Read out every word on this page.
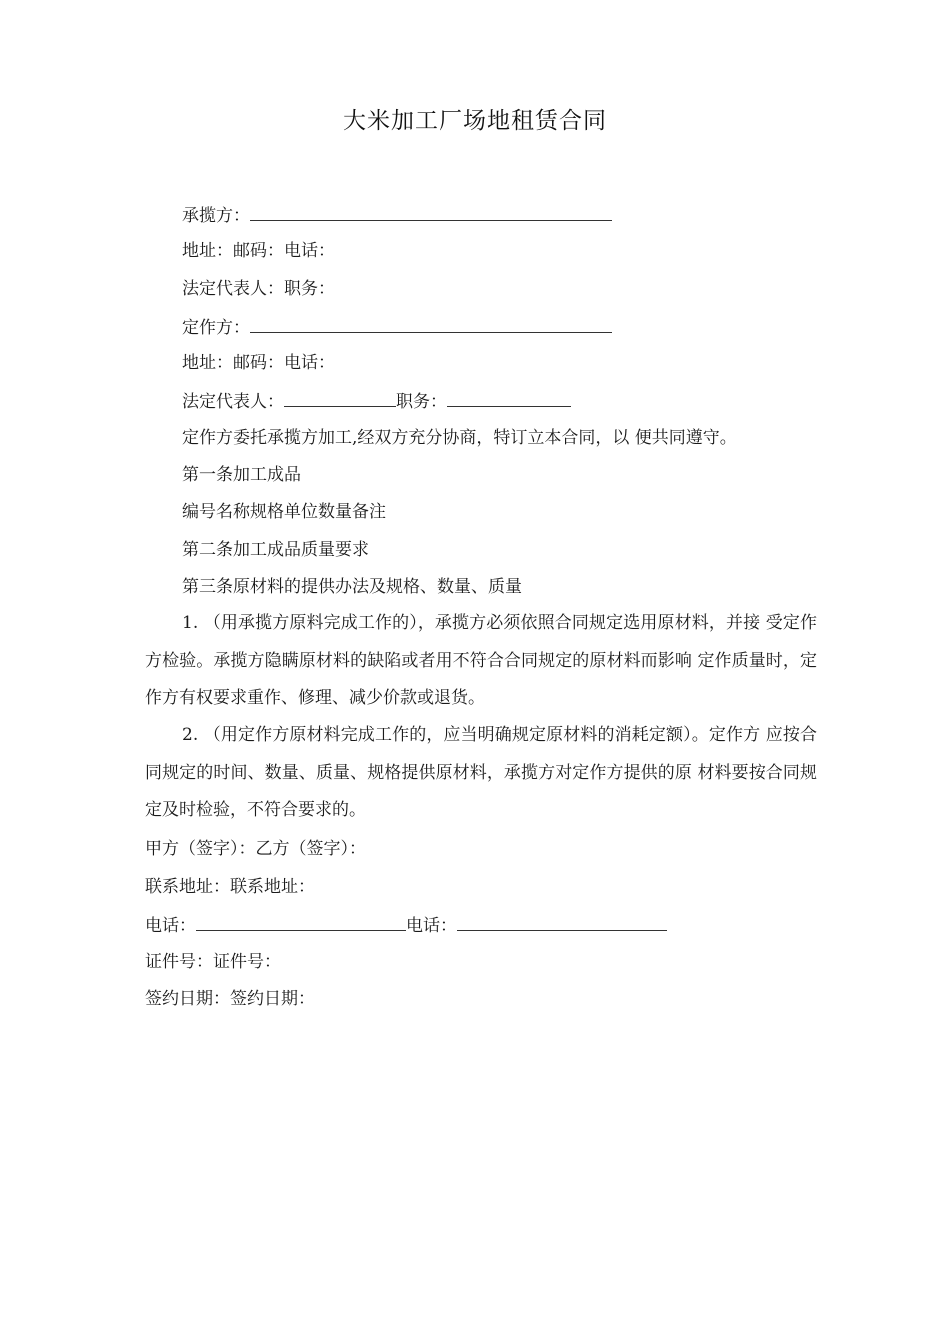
大米加工厂场地租赁合同
承揽方：
地址：邮码：电话：
法定代表人：职务：
定作方：
地址：邮码：电话：
法定代表人：	职务：
定作方委托承揽方加工,经双方充分协商，特订立本合同，以 便共同遵守。
第一条加工成品
编号名称规格单位数量备注
第二条加工成品质量要求
第三条原材料的提供办法及规格、数量、质量
1. （用承揽方原料完成工作的），承揽方必须依照合同规定选用原材料，并接 受定作方检验。承揽方隐瞒原材料的缺陷或者用不符合合同规定的原材料而影响 定作质量时，定作方有权要求重作、修理、减少价款或退货。
2. （用定作方原材料完成工作的，应当明确规定原材料的消耗定额）。定作方 应按合同规定的时间、数量、质量、规格提供原材料，承揽方对定作方提供的原 材料要按合同规定及时检验，不符合要求的。
甲方（签字）：乙方（签字）：
联系地址：联系地址：
电话：	电话：
证件号：证件号：
签约日期：签约日期：
